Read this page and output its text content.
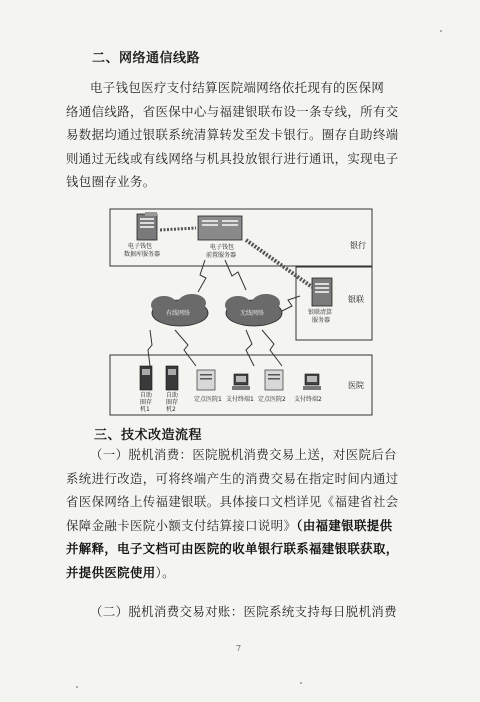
二、网络通信线路
电子钱包医疗支付结算医院端网络依托现有的医保网
络通信线路，省医保中心与福建银联布设一条专线，所有交
易数据均通过银联系统清算转发至发卡银行。圈存自助终端
则通过无线或有线网络与机具投放银行进行通讯，实现电子
钱包圈存业务。
银行
银联
医院
电子钱包
数据库服务器
电子钱包
前置服务器
银联清算
服务器
有线网络	无线网络
自助
圈存
机1
自助
圈存
机2
定点医院1 支付终端1 定点医院2 支付终端2
三、技术改造流程
（一）脱机消费：医院脱机消费交易上送，对医院后台
系统进行改造，可将终端产生的消费交易在指定时间内通过
省医保网络上传福建银联。具体接口文档详见《福建省社会
保障金融卡医院小额支付结算接口说明》（由福建银联提供
并解释，电子文档可由医院的收单银行联系福建银联获取，
并提供医院使用）。
（二）脱机消费交易对账：医院系统支持每日脱机消费
7
